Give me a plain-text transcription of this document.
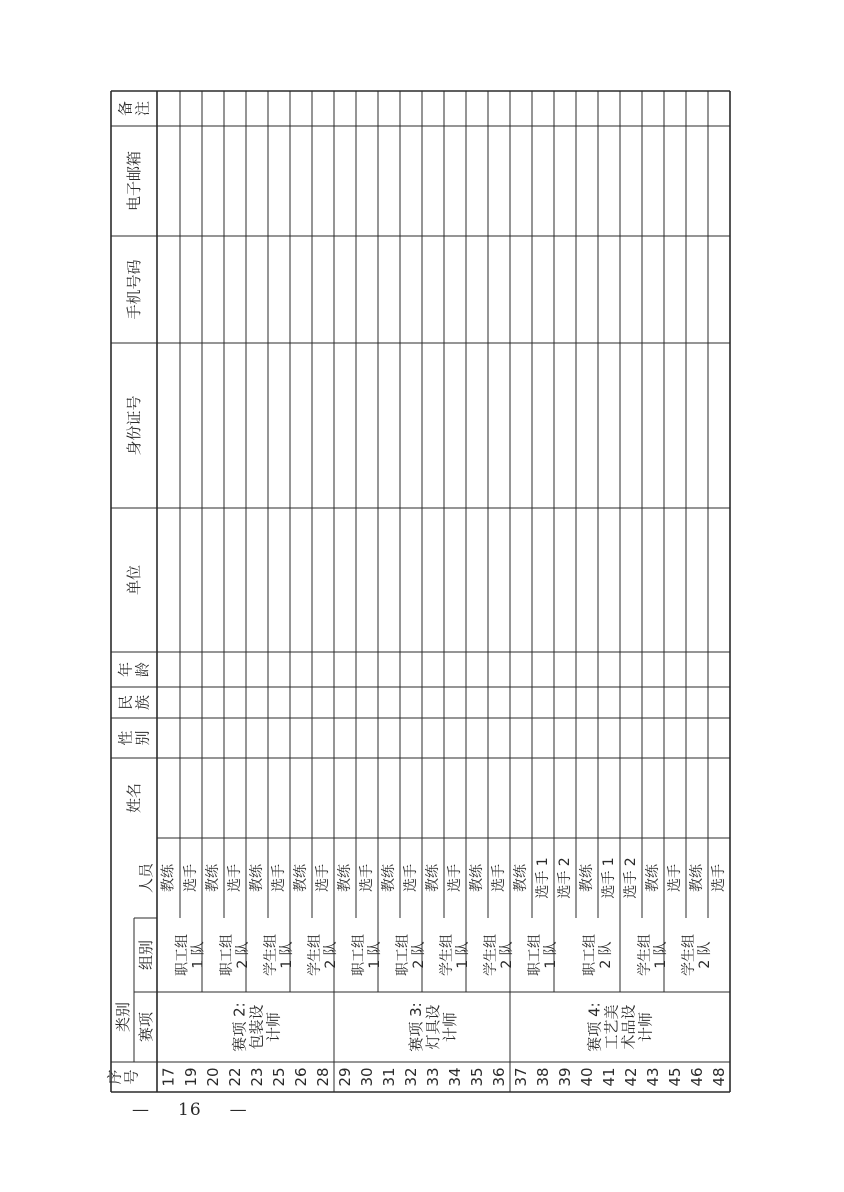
序 号
类别 赛项
组别
人员
姓名
性 别
民 族
年 龄
单位
身份证号
手机号码
电子邮箱
备 注
17
教练
19
选手
20
教练
22
选手
23
教练
25
选手
26
教练
28
选手
29
教练
30
选手
31
教练
32
选手
33
教练
34
选手
35
教练
36
选手
37
教练
38
选手 1
39
选手 2
40
教练
41
选手 1
42
选手 2
43
教练
45
选手
46
教练
48
选手
职工组 1 队 职工组 2 队 学生组 1 队 学生组 2 队 职工组 1 队 职工组 2 队 学生组 1 队 学生组 2 队 职工组 1 队 职工组 2 队 学生组 1 队 学生组 2 队
赛项 2: 包装设 计师	赛项 3: 灯具设 计师	赛项 4: 工艺美 术品设 计师
— 16 —
